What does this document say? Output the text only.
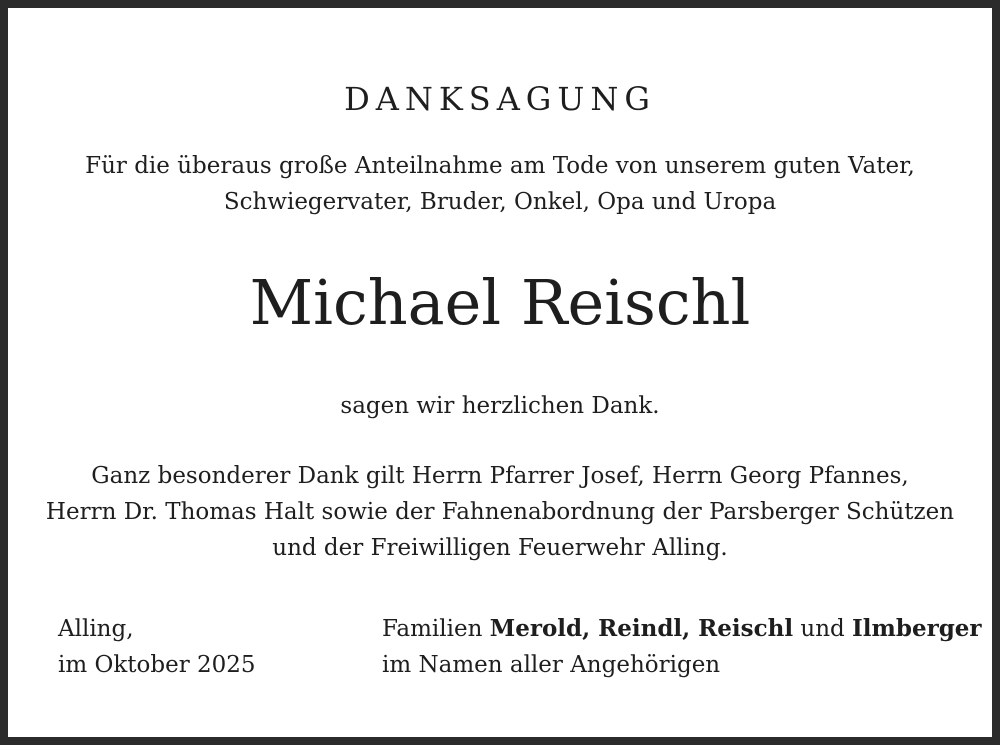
DANKSAGUNG
Für die überaus große Anteilnahme am Tode von unserem guten Vater,
Schwiegervater, Bruder, Onkel, Opa und Uropa
Michael Reischl
sagen wir herzlichen Dank.
Ganz besonderer Dank gilt Herrn Pfarrer Josef, Herrn Georg Pfannes,
Herrn Dr. Thomas Halt sowie der Fahnenabordnung der Parsberger Schützen
und der Freiwilligen Feuerwehr Alling.
Alling,
im Oktober 2025
Familien Merold, Reindl, Reischl und Ilmberger
im Namen aller Angehörigen
